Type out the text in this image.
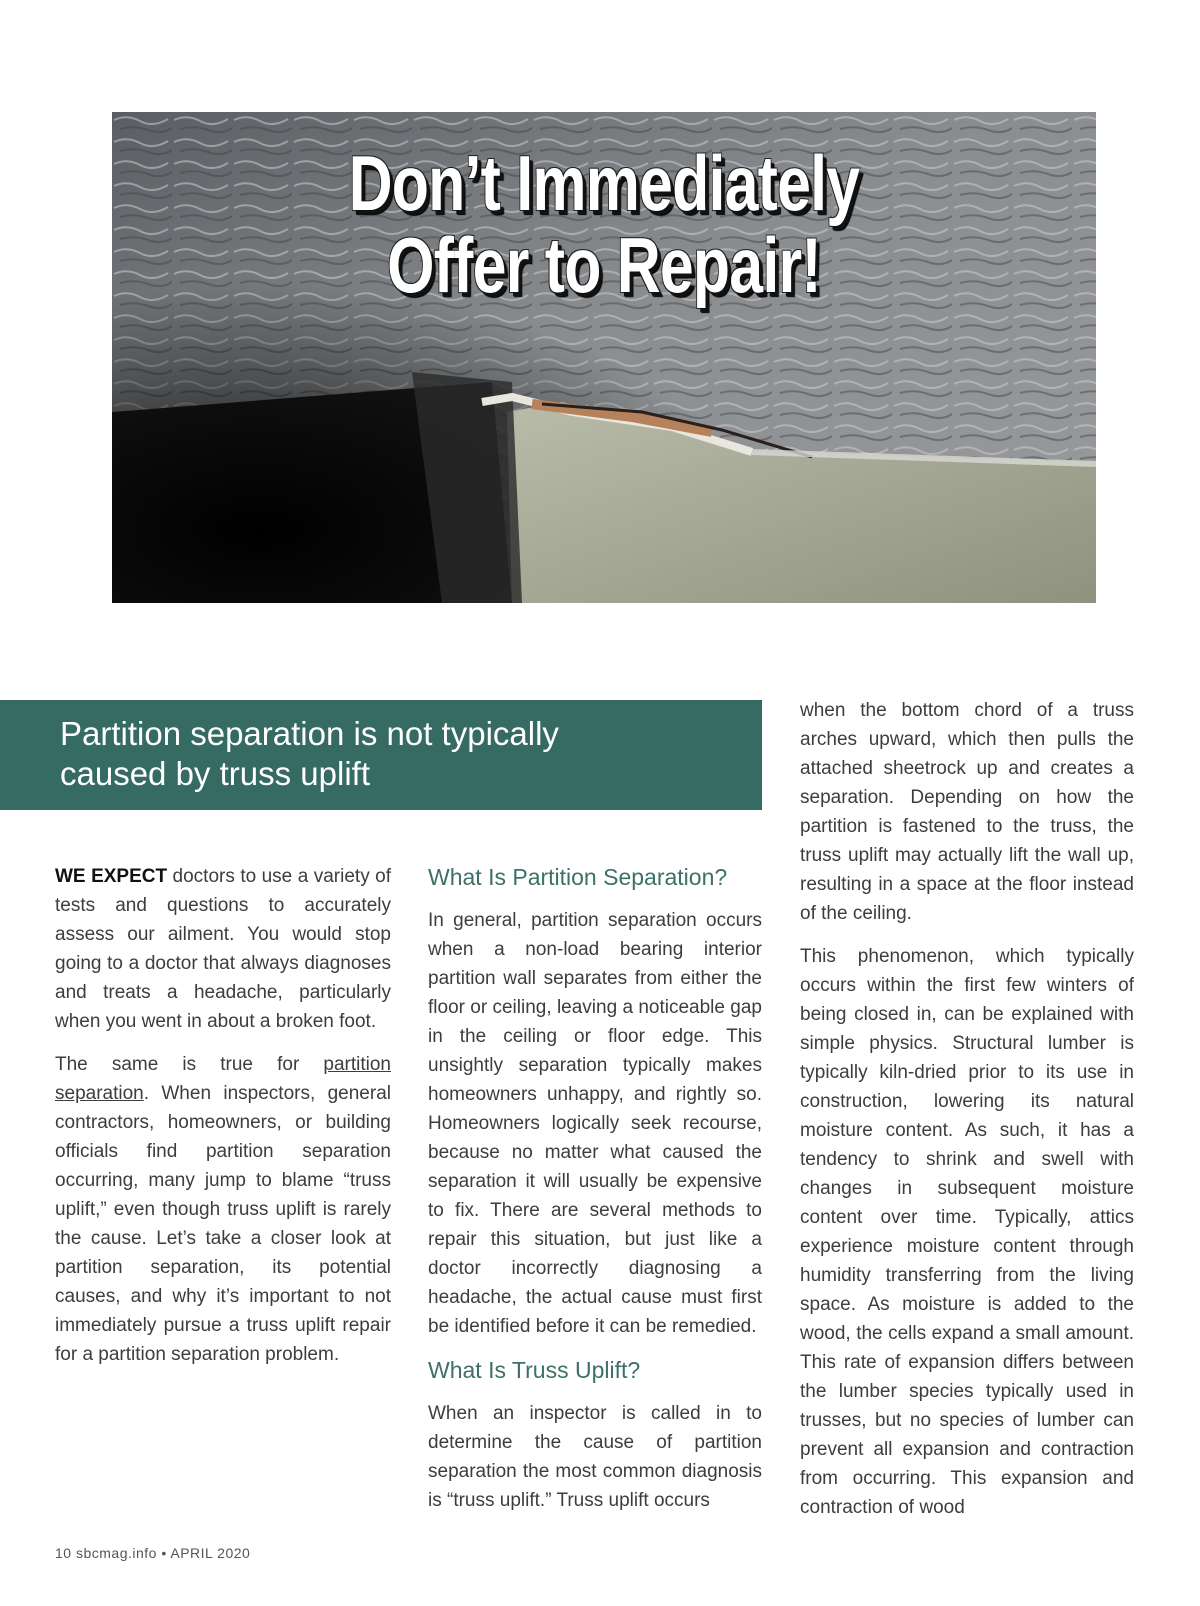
Don’t Immediately
Offer to Repair!
Partition separation is not typically
caused by truss uplift

WE EXPECT doctors to use a variety of tests and questions to accurately assess our ailment. You would stop going to a doctor that always diagnoses and treats a headache, particularly when you went in about a broken foot.

The same is true for partition separation. When inspectors, general contractors, homeowners, or building officials find partition separation occurring, many jump to blame “truss uplift,” even though truss uplift is rarely the cause. Let’s take a closer look at partition separation, its potential causes, and why it’s important to not immediately pursue a truss uplift repair for a partition separation problem.

What Is Partition Separation?

In general, partition separation occurs when a non-load bearing interior partition wall separates from either the floor or ceiling, leaving a noticeable gap in the ceiling or floor edge. This unsightly separation typically makes homeowners unhappy, and rightly so. Homeowners logically seek recourse, because no matter what caused the separation it will usually be expensive to fix. There are several methods to repair this situation, but just like a doctor incorrectly diagnosing a headache, the actual cause must first be identified before it can be remedied.

What Is Truss Uplift?

When an inspector is called in to determine the cause of partition separation the most common diagnosis is “truss uplift.” Truss uplift occurs

when the bottom chord of a truss arches upward, which then pulls the attached sheetrock up and creates a separation. Depending on how the partition is fastened to the truss, the truss uplift may actually lift the wall up, resulting in a space at the floor instead of the ceiling.

This phenomenon, which typically occurs within the first few winters of being closed in, can be explained with simple physics. Structural lumber is typically kiln-dried prior to its use in construction, lowering its natural moisture content. As such, it has a tendency to shrink and swell with changes in subsequent moisture content over time. Typically, attics experience moisture content through humidity transferring from the living space. As moisture is added to the wood, the cells expand a small amount. This rate of expansion differs between the lumber species typically used in trusses, but no species of lumber can prevent all expansion and contraction from occurring. This expansion and contraction of wood

10 sbcmag.info • APRIL 2020
